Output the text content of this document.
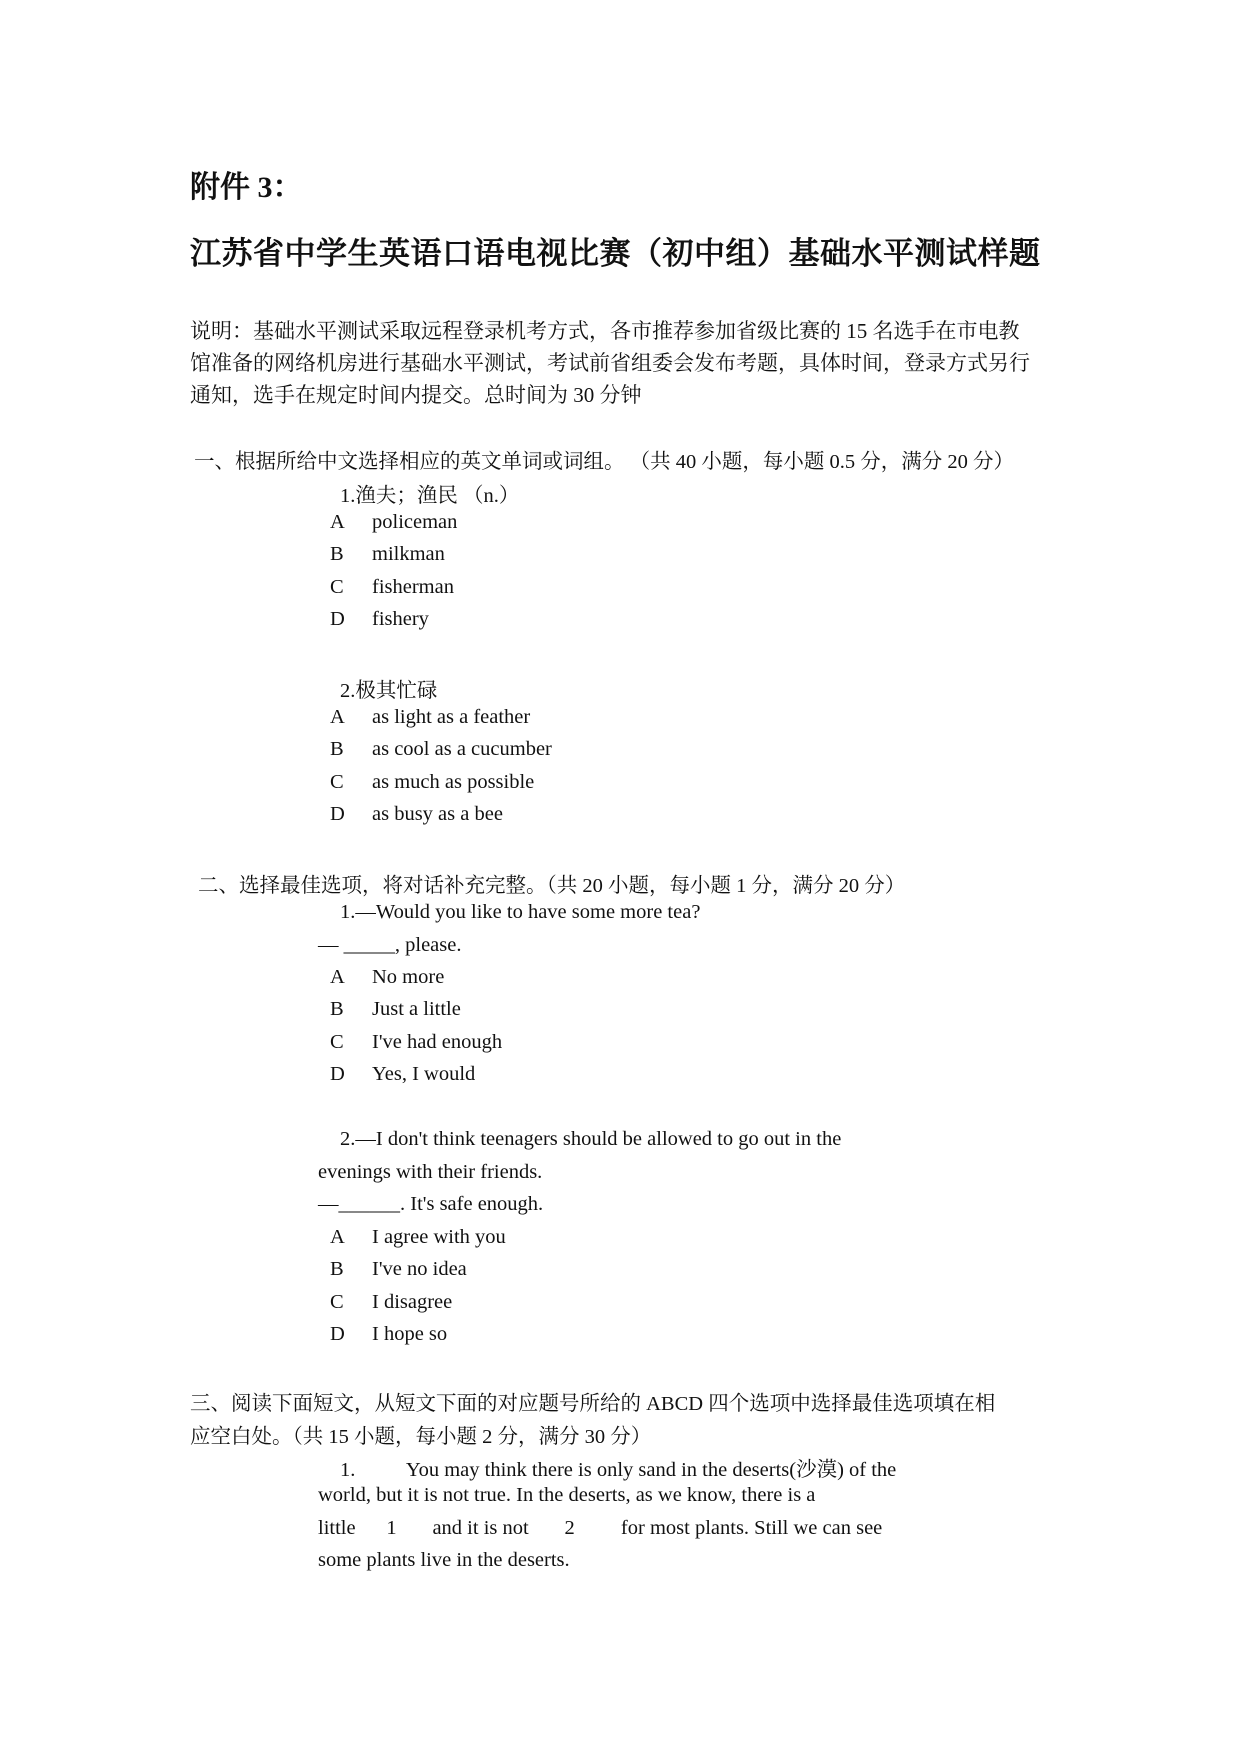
附件 3：
江苏省中学生英语口语电视比赛（初中组）基础水平测试样题
说明：基础水平测试采取远程登录机考方式，各市推荐参加省级比赛的 15 名选手在市电教
馆准备的网络机房进行基础水平测试，考试前省组委会发布考题，具体时间，登录方式另行
通知，选手在规定时间内提交。总时间为 30 分钟
一、根据所给中文选择相应的英文单词或词组。 （共 40 小题，每小题 0.5 分，满分 20 分）
1.渔夫；渔民 （n.）
A policeman
B milkman
C fisherman
D fishery
2.极其忙碌
A as light as a feather
B as cool as a cucumber
C as much as possible
D as busy as a bee
二、选择最佳选项，将对话补充完整。（共 20 小题，每小题 1 分，满分 20 分）
1.—Would you like to have some more tea?
— _____, please.
A No more
B Just a little
C I've had enough
D Yes, I would
2.—I don't think teenagers should be allowed to go out in the
evenings with their friends.
—______. It's safe enough.
A I agree with you
B I've no idea
C I disagree
D I hope so
三、阅读下面短文，从短文下面的对应题号所给的 ABCD 四个选项中选择最佳选项填在相
应空白处。（共 15 小题，每小题 2 分，满分 30 分）
1.          You may think there is only sand in the deserts(沙漠) of the
world, but it is not true. In the deserts, as we know, there is a
little      1       and it is not       2         for most plants. Still we can see
some plants live in the deserts.
